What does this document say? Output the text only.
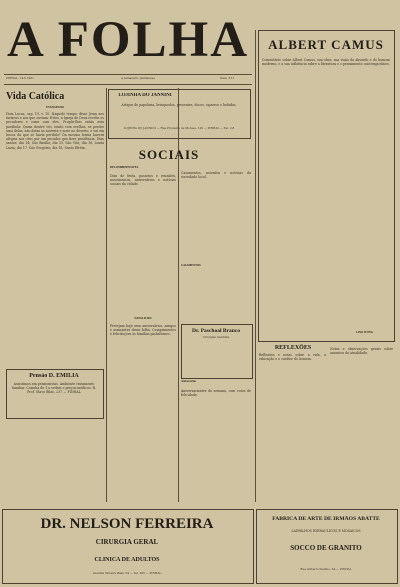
A FOLHA
PINHAL, 14-6-1961	A semanário pinhalense	Num. 611
Vida Católica
EVANGELHO
Dom Lucas, cap. 19, v. 10. Naquele tempo, disse Jesus aos fariseus e aos que ouviam: Estes, a Igreja de Deus recebe os pecadores e come com eles. Propôs-lhes então esta parábola: Quem dentre vós, tendo cem ovelhas, se perder uma delas, não deixa as noventa e nove no deserto, e vai em busca da que se havia perdido? Da mesma forma haverá alegria nos céus por um pecador que fizer penitência. Dias santos: dia 14, São Basílio; dia 15, São Vito; dia 16, Santa Luzia; dia 17, São Gregório; dia 18, Santo Efrém.
Pensão D. EMILIA
Assistimos em pensionistas. Ambiente tratamento familiar. Cozinha de 1.a ordem e preços módicos. R. Prof. Olavo Bilac, 237 — PINHAL
LOJINHA DO JANNINI
Artigos de papelaria, brinquedos, presentes, doces, cigarros e bebidas.
LOJINHA DO JANNINI — Rua Prudente de Moraes, 126 — PINHAL — Tel. 2.8
SOCIAIS
DECOMPREENSIVEL
Dias de festa, passeios e reuniões, nascimentos, aniversários e notícias sociais da cidade.
NATALICIOS
Festejam hoje seus aniversários, amigos e assinantes desta folha. Cumprimentos e felicitações às famílias pinhalenses.
Dr. Paschoal Branco
Cirurgião Dentista
Casamentos, noivados e notícias da sociedade local.
CASAMENTOS
Aniversários
Aniversariantes da semana, com votos de felicidade.
ALBERT CAMUS
Comentário sobre Albert Camus, sua obra, sua visão do absurdo e do homem moderno, e a sua influência sobre a literatura e o pensamento contemporâneo.
LINO WONG
REFLEXÕES
Reflexões e notas sobre a vida, a educação e o caráter do homem.
Notas e observações gerais sobre assuntos da atualidade.
DR. NELSON FERREIRA
CIRURGIA GERAL
CLINICA DE ADULTOS
Avenida Oliveira Bass, 64 — Tel. 365 — PINHAL
FABRICA DE ARTE DE IRMÃOS ABATTE
LADRILHOS HIDRÁULICOS E MOSAICOS
SOCCO DE GRANITO
Rua Gilberto Paulino, 54 — PINHAL
